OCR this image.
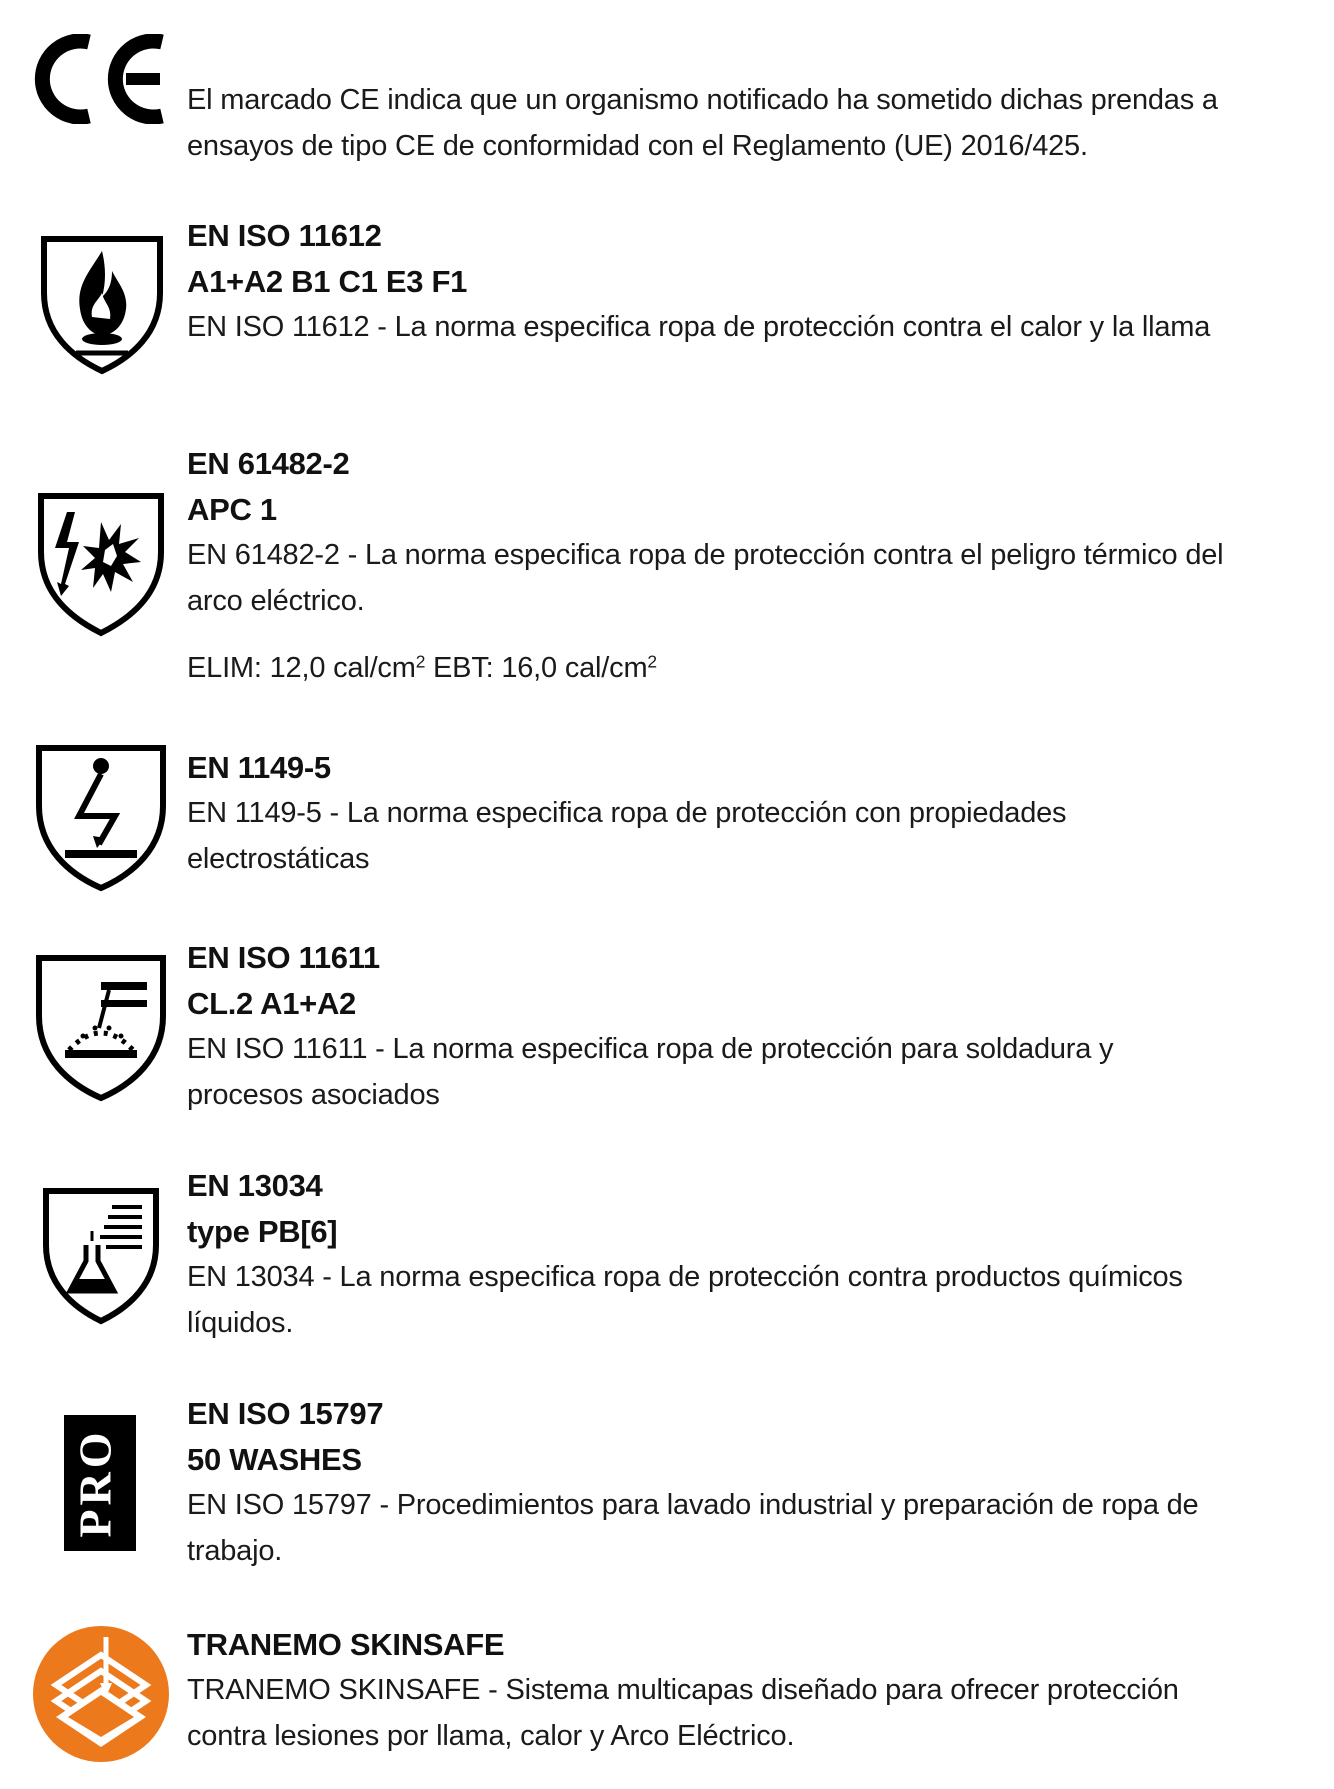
El marcado CE indica que un organismo notificado ha sometido dichas prendas a ensayos de tipo CE de conformidad con el Reglamento (UE) 2016/425.
EN ISO 11612
A1+A2 B1 C1 E3 F1
EN ISO 11612 - La norma especifica ropa de protección contra el calor y la llama
EN 61482-2
APC 1
EN 61482-2 - La norma especifica ropa de protección contra el peligro térmico del arco eléctrico.
ELIM: 12,0 cal/$cm^2$ EBT: 16,0 cal/$cm^2$
EN 1149-5
EN 1149-5 - La norma especifica ropa de protección con propiedades electrostáticas
EN ISO 11611
CL.2 A1+A2
EN ISO 11611 - La norma especifica ropa de protección para soldadura y procesos asociados
EN 13034
type PB[6]
EN 13034 - La norma especifica ropa de protección contra productos químicos líquidos.
PRO
EN ISO 15797
50 WASHES
EN ISO 15797 - Procedimientos para lavado industrial y preparación de ropa de trabajo.
TRANEMO SKINSAFE
TRANEMO SKINSAFE - Sistema multicapas diseñado para ofrecer protección contra lesiones por llama, calor y Arco Eléctrico.
